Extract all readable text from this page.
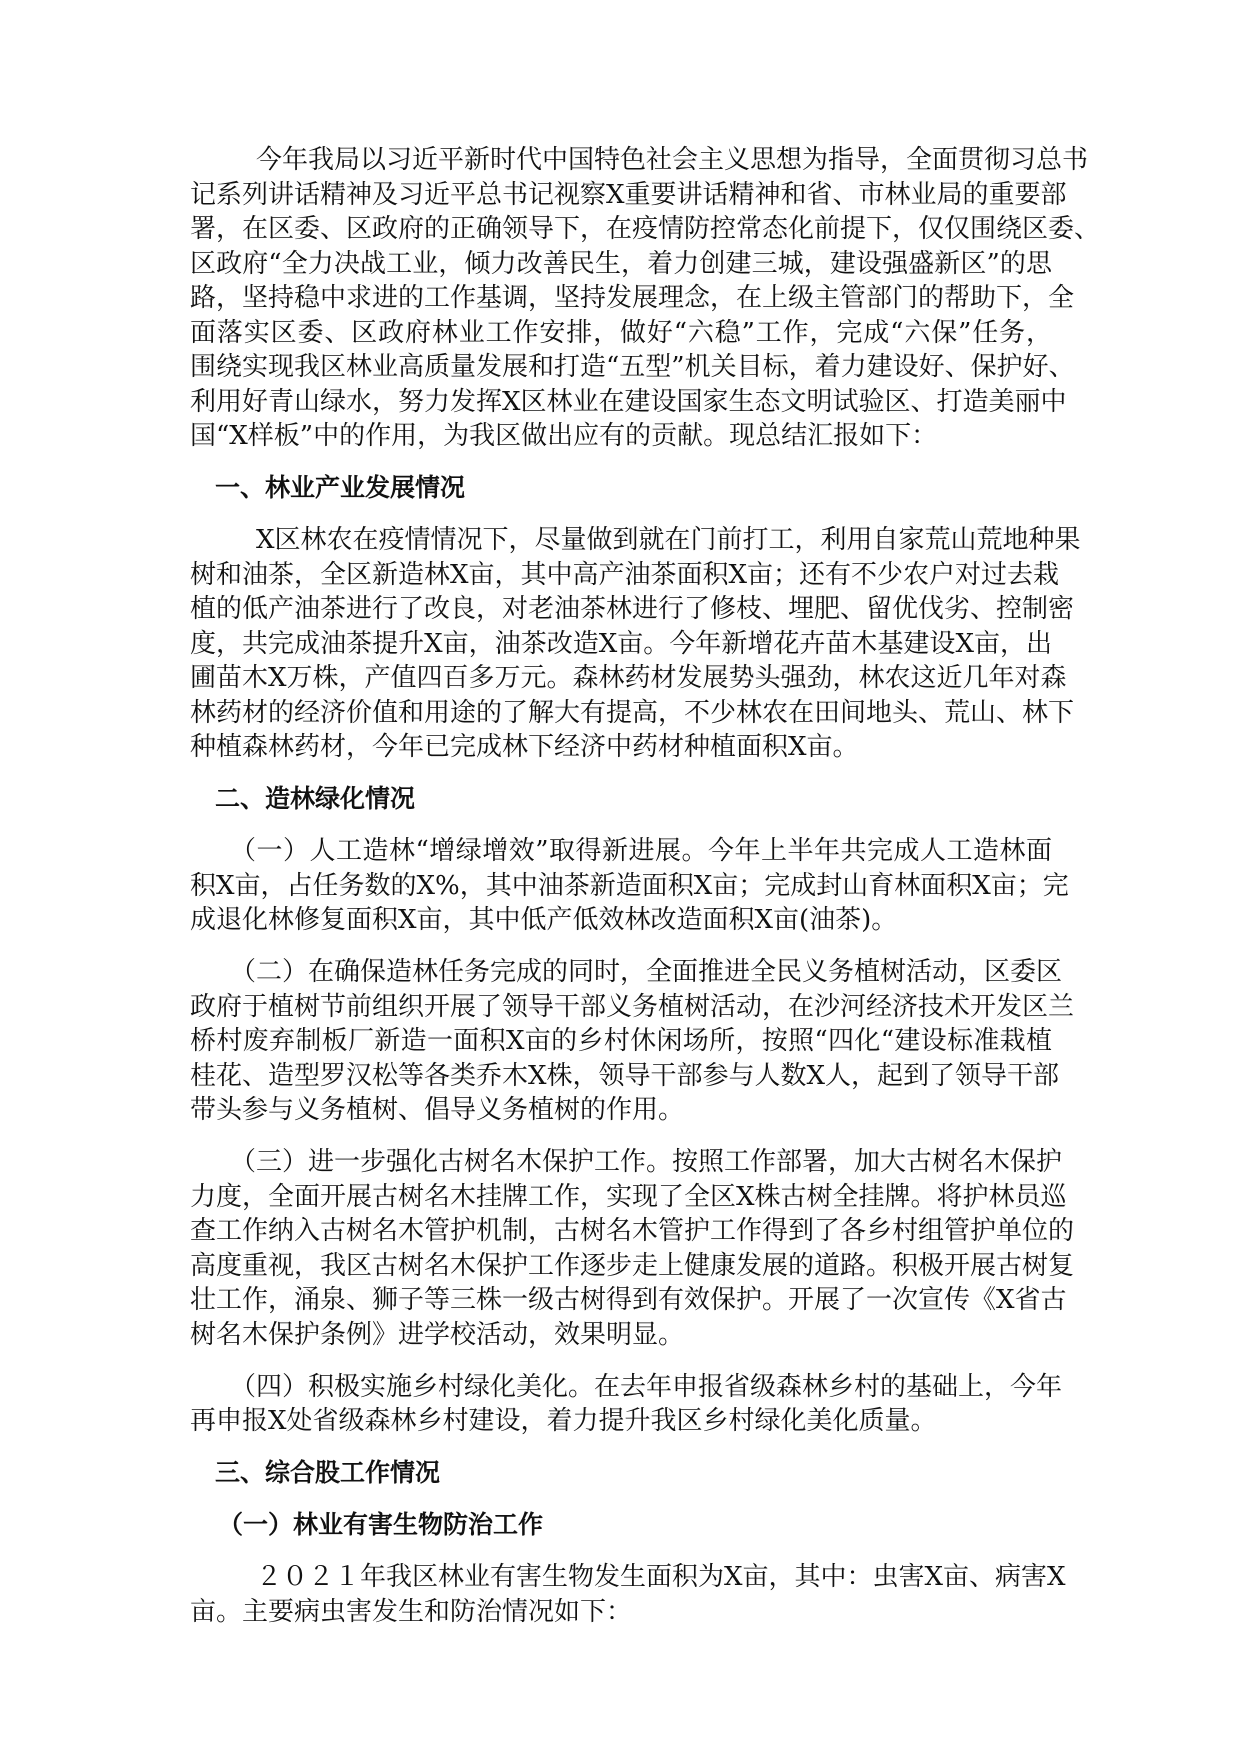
今年我局以习近平新时代中国特色社会主义思想为指导，全面贯彻习总书
记系列讲话精神及习近平总书记视察X重要讲话精神和省、市林业局的重要部
署，在区委、区政府的正确领导下，在疫情防控常态化前提下，仅仅围绕区委、
区政府“全力决战工业，倾力改善民生，着力创建三城，建设强盛新区”的思
路，坚持稳中求进的工作基调，坚持发展理念，在上级主管部门的帮助下，全
面落实区委、区政府林业工作安排，做好“六稳”工作，完成“六保”任务，
围绕实现我区林业高质量发展和打造“五型”机关目标，着力建设好、保护好、
利用好青山绿水，努力发挥X区林业在建设国家生态文明试验区、打造美丽中
国“X样板”中的作用，为我区做出应有的贡献。现总结汇报如下：
一、林业产业发展情况
X区林农在疫情情况下，尽量做到就在门前打工，利用自家荒山荒地种果
树和油茶，全区新造林X亩，其中高产油茶面积X亩；还有不少农户对过去栽
植的低产油茶进行了改良，对老油茶林进行了修枝、埋肥、留优伐劣、控制密
度，共完成油茶提升X亩，油茶改造X亩。今年新增花卉苗木基建设X亩，出
圃苗木X万株，产值四百多万元。森林药材发展势头强劲，林农这近几年对森
林药材的经济价值和用途的了解大有提高，不少林农在田间地头、荒山、林下
种植森林药材，今年已完成林下经济中药材种植面积X亩。
二、造林绿化情况
（一）人工造林“增绿增效”取得新进展。今年上半年共完成人工造林面
积X亩，占任务数的X%，其中油茶新造面积X亩；完成封山育林面积X亩；完
成退化林修复面积X亩，其中低产低效林改造面积X亩(油茶)。
（二）在确保造林任务完成的同时，全面推进全民义务植树活动，区委区
政府于植树节前组织开展了领导干部义务植树活动，在沙河经济技术开发区兰
桥村废弃制板厂新造一面积X亩的乡村休闲场所，按照“四化“建设标准栽植
桂花、造型罗汉松等各类乔木X株，领导干部参与人数X人，起到了领导干部
带头参与义务植树、倡导义务植树的作用。
（三）进一步强化古树名木保护工作。按照工作部署，加大古树名木保护
力度，全面开展古树名木挂牌工作，实现了全区X株古树全挂牌。将护林员巡
查工作纳入古树名木管护机制，古树名木管护工作得到了各乡村组管护单位的
高度重视，我区古树名木保护工作逐步走上健康发展的道路。积极开展古树复
壮工作，涌泉、狮子等三株一级古树得到有效保护。开展了一次宣传《X省古
树名木保护条例》进学校活动，效果明显。
（四）积极实施乡村绿化美化。在去年申报省级森林乡村的基础上，今年
再申报X处省级森林乡村建设，着力提升我区乡村绿化美化质量。
三、综合股工作情况
（一）林业有害生物防治工作
２０２１年我区林业有害生物发生面积为X亩，其中：虫害X亩、病害X
亩。主要病虫害发生和防治情况如下：
